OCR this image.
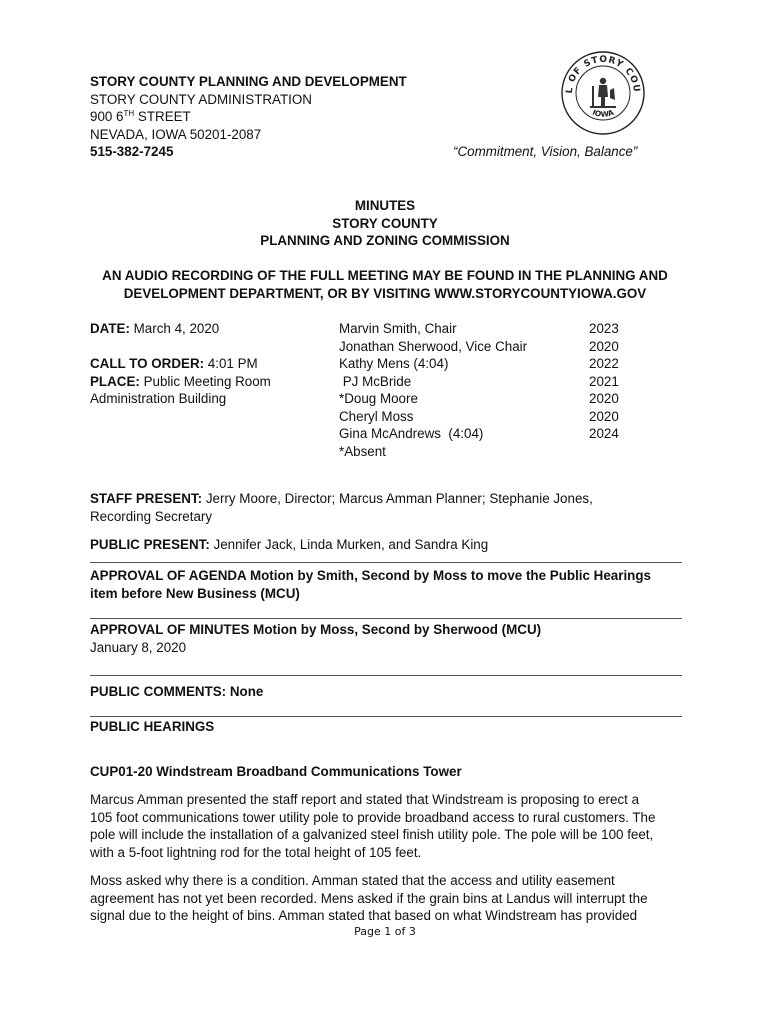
STORY COUNTY PLANNING AND DEVELOPMENT
STORY COUNTY ADMINISTRATION
900 6TH STREET
NEVADA, IOWA 50201-2087
515-382-7245	“Commitment, Vision, Balance”
L OF STORY COU
IOWA
MINUTES
STORY COUNTY
PLANNING AND ZONING COMMISSION
AN AUDIO RECORDING OF THE FULL MEETING MAY BE FOUND IN THE PLANNING AND
DEVELOPMENT DEPARTMENT, OR BY VISITING WWW.STORYCOUNTYIOWA.GOV
DATE: March 4, 2020
CALL TO ORDER: 4:01 PM
PLACE: Public Meeting Room
Administration Building
Marvin Smith, Chair	2023
Jonathan Sherwood, Vice Chair	2020
Kathy Mens (4:04)	2022
PJ McBride	2021
*Doug Moore	2020
Cheryl Moss	2020
Gina McAndrews  (4:04)	2024
*Absent
STAFF PRESENT: Jerry Moore, Director; Marcus Amman Planner; Stephanie Jones,
Recording Secretary
PUBLIC PRESENT: Jennifer Jack, Linda Murken, and Sandra King
APPROVAL OF AGENDA Motion by Smith, Second by Moss to move the Public Hearings
item before New Business (MCU)
APPROVAL OF MINUTES Motion by Moss, Second by Sherwood (MCU)
January 8, 2020
PUBLIC COMMENTS: None
PUBLIC HEARINGS
CUP01-20 Windstream Broadband Communications Tower
Marcus Amman presented the staff report and stated that Windstream is proposing to erect a
105 foot communications tower utility pole to provide broadband access to rural customers. The
pole will include the installation of a galvanized steel finish utility pole. The pole will be 100 feet,
with a 5-foot lightning rod for the total height of 105 feet.
Moss asked why there is a condition. Amman stated that the access and utility easement
agreement has not yet been recorded. Mens asked if the grain bins at Landus will interrupt the
signal due to the height of bins. Amman stated that based on what Windstream has provided
Page 1 of 3
